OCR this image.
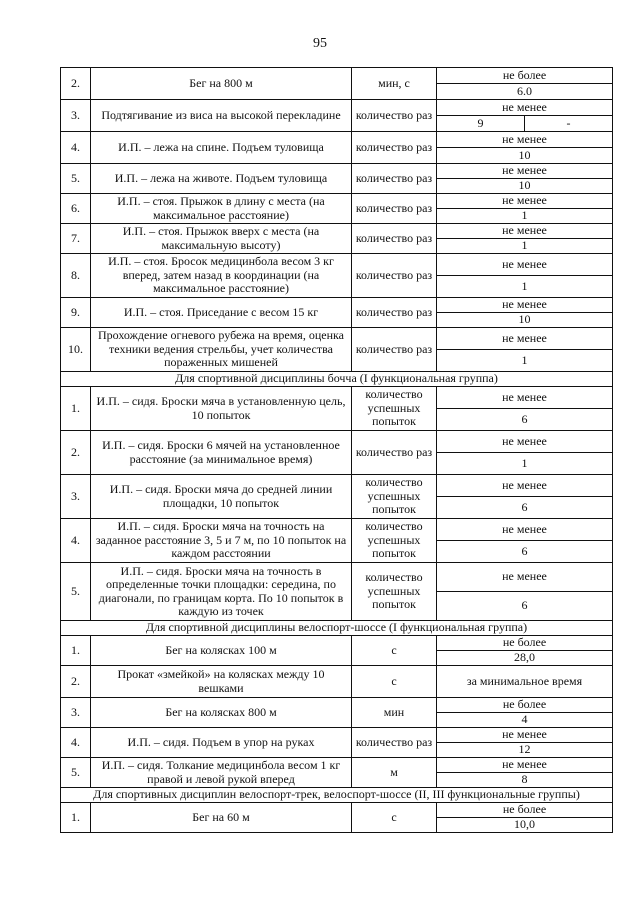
95
2.	Бег на 800 м	мин, с	не более
6.0

3.	Подтягивание из виса на высокой перекладине	количество раз	не менее
9 -

4.	И.П. – лежа на спине. Подъем туловища	количество раз	не менее
10

5.	И.П. – лежа на животе. Подъем туловища	количество раз	не менее
10

6.	И.П. – стоя. Прыжок в длину с места (на максимальное расстояние)	количество раз	не менее
1

7.	И.П. – стоя. Прыжок вверх с места (на максимальную высоту)	количество раз	не менее
1

8.	И.П. – стоя. Бросок медицинбола весом 3 кг вперед, затем назад в координации (на максимальное расстояние)	количество раз	не менее
1

9.	И.П. – стоя. Приседание с весом 15 кг	количество раз	не менее
10

10.	Прохождение огневого рубежа на время, оценка техники ведения стрельбы, учет количества пораженных мишеней	количество раз	не менее
1

Для спортивной дисциплины бочча (I функциональная группа)			
1.	И.П. – сидя. Броски мяча в установленную цель, 10 попыток	количество успешных попыток	не менее
6

2.	И.П. – сидя. Броски 6 мячей на установленное расстояние (за минимальное время)	количество раз	не менее
1

3.	И.П. – сидя. Броски мяча до средней линии площадки, 10 попыток	количество успешных попыток	не менее
6

4.	И.П. – сидя. Броски мяча на точность на заданное расстояние 3, 5 и 7 м, по 10 попыток на каждом расстоянии	количество успешных попыток	не менее
6

5.	И.П. – сидя. Броски мяча на точность в определенные точки площадки: середина, по диагонали, по границам корта. По 10 попыток в каждую из точек	количество успешных попыток	не менее
6

Для спортивной дисциплины велоспорт-шоссе (I функциональная группа)			
1.	Бег на колясках 100 м	с	не более
28,0

2.	Прокат «змейкой» на колясках между 10 вешками	с	за минимальное время
3.	Бег на колясках 800 м	мин	не более
4

4.	И.П. – сидя. Подъем в упор на руках	количество раз	не менее
12

5.	И.П. – сидя. Толкание медицинбола весом 1 кг правой и левой рукой вперед	м	не менее
8

Для спортивных дисциплин велоспорт-трек, велоспорт-шоссе (II, III функциональные группы)			
1.	Бег на 60 м	с	не более
10,0
